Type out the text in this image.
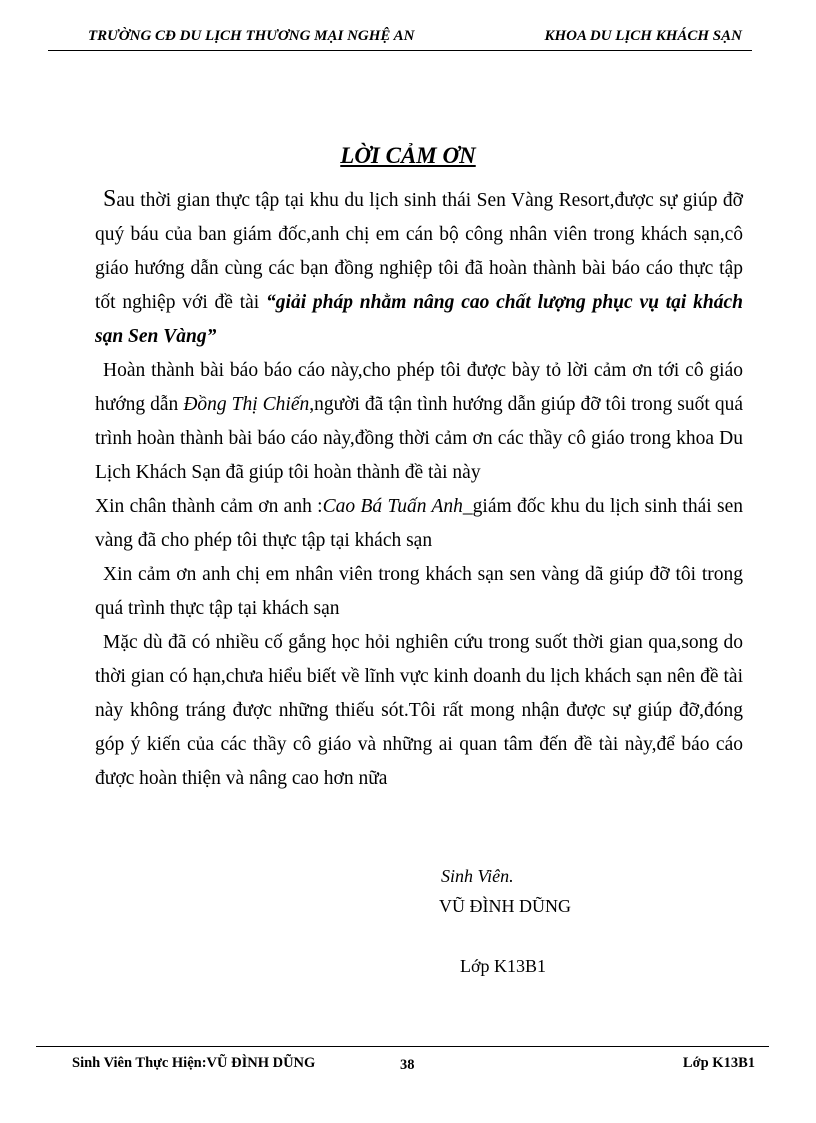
TRƯỜNG CĐ DU LỊCH THƯƠNG MẠI NGHỆ AN	KHOA DU LỊCH KHÁCH SẠN
LỜI CẢM ƠN

Sau thời gian thực tập tại khu du lịch sinh thái Sen Vàng Resort,được sự giúp đỡ quý báu của ban giám đốc,anh chị em cán bộ công nhân viên trong khách sạn,cô giáo hướng dẫn cùng các bạn đồng nghiệp tôi đã hoàn thành bài báo cáo thực tập tốt nghiệp với đề tài “giải pháp nhằm nâng cao chất lượng phục vụ tại khách sạn Sen Vàng”

Hoàn thành bài báo báo cáo này,cho phép tôi được bày tỏ lời cảm ơn tới cô giáo hướng dẫn Đồng Thị Chiến,người đã tận tình hướng dẫn giúp đỡ tôi trong suốt quá trình hoàn thành bài báo cáo này,đồng thời cảm ơn các thầy cô giáo trong khoa Du Lịch Khách Sạn đã giúp tôi hoàn thành đề tài này

Xin chân thành cảm ơn anh :Cao Bá Tuấn Anh_giám đốc khu du lịch sinh thái sen vàng đã cho phép tôi thực tập tại khách sạn

Xin cảm ơn anh chị em nhân viên trong khách sạn sen vàng dã giúp đỡ tôi trong quá trình thực tập tại khách sạn

Mặc dù đã có nhiều cố gắng học hỏi nghiên cứu trong suốt thời gian qua,song do thời gian có hạn,chưa hiểu biết về lĩnh vực kinh doanh du lịch khách sạn nên đề tài này không tráng được những thiếu sót.Tôi rất mong nhận được sự giúp đỡ,đóng góp ý kiến của các thầy cô giáo và những ai quan tâm đến đề tài này,để báo cáo được hoàn thiện và nâng cao hơn nữa

Sinh Viên.
VŨ ĐÌNH DŨNG
Lớp K13B1
Sinh Viên Thực Hiện:VŨ ĐÌNH DŨNG	38	Lớp K13B1
